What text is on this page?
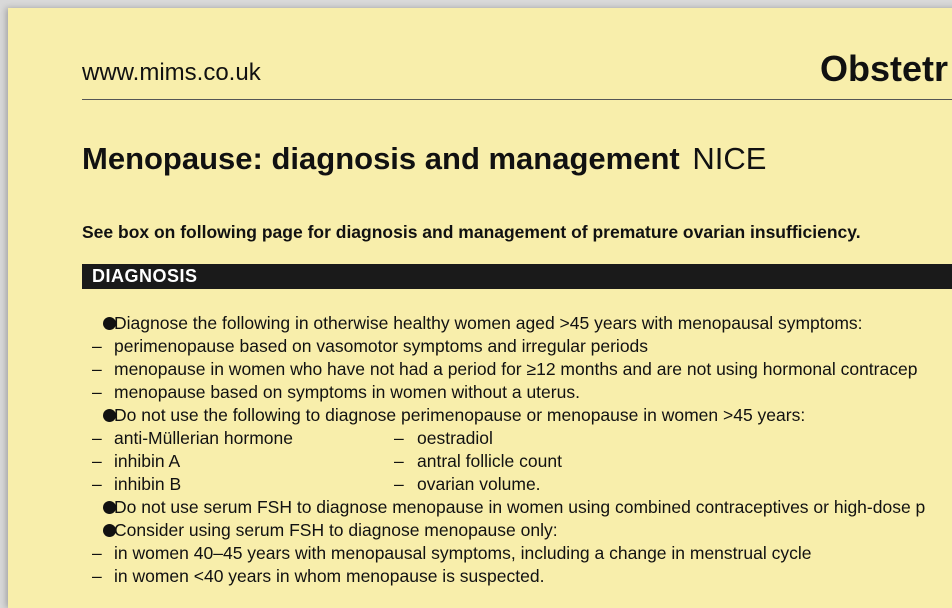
www.mims.co.uk	Obstetr
Menopause: diagnosis and management NICE
See box on following page for diagnosis and management of premature ovarian insufficiency.
DIAGNOSIS
Diagnose the following in otherwise healthy women aged >45 years with menopausal symptoms:
– perimenopause based on vasomotor symptoms and irregular periods
– menopause in women who have not had a period for ≥12 months and are not using hormonal contracep
– menopause based on symptoms in women without a uterus.
Do not use the following to diagnose perimenopause or menopause in women >45 years:
– anti-Müllerian hormone	– oestradiol
– inhibin A	– antral follicle count
– inhibin B	– ovarian volume.
Do not use serum FSH to diagnose menopause in women using combined contraceptives or high-dose p
Consider using serum FSH to diagnose menopause only:
– in women 40–45 years with menopausal symptoms, including a change in menstrual cycle
– in women <40 years in whom menopause is suspected.
